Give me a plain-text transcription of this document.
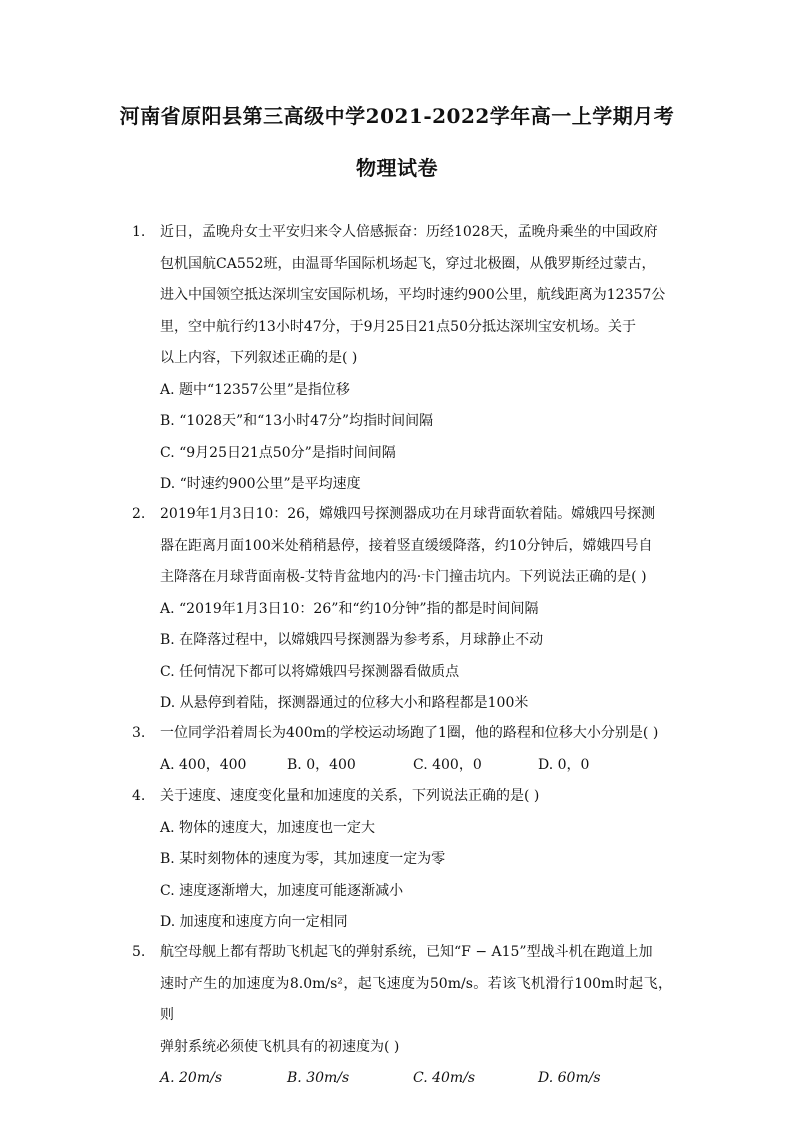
河南省原阳县第三高级中学2021-2022学年高一上学期月考
物理试卷
1.	近日，孟晚舟女士平安归来令人倍感振奋：历经1028天，孟晚舟乘坐的中国政府
包机国航CA552班，由温哥华国际机场起飞，穿过北极圈，从俄罗斯经过蒙古，
进入中国领空抵达深圳宝安国际机场，平均时速约900公里，航线距离为12357公
里，空中航行约13小时47分，于9月25日21点50分抵达深圳宝安机场。关于
以上内容，下列叙述正确的是( )
A. 题中“12357公里”是指位移
B. “1028天”和“13小时47分”均指时间间隔
C. “9月25日21点50分”是指时间间隔
D. “时速约900公里”是平均速度
2.	2019年1月3日10：26，嫦娥四号探测器成功在月球背面软着陆。嫦娥四号探测
器在距离月面100米处稍稍悬停，接着竖直缓缓降落，约10分钟后，嫦娥四号自
主降落在月球背面南极-艾特肯盆地内的冯·卡门撞击坑内。下列说法正确的是( )
A. “2019年1月3日10：26”和“约10分钟”指的都是时间间隔
B. 在降落过程中，以嫦娥四号探测器为参考系，月球静止不动
C. 任何情况下都可以将嫦娥四号探测器看做质点
D. 从悬停到着陆，探测器通过的位移大小和路程都是100米
3.	一位同学沿着周长为400m的学校运动场跑了1圈，他的路程和位移大小分别是( )
A. 400，400	B. 0，400	C. 400，0	D. 0，0
4.	关于速度、速度变化量和加速度的关系，下列说法正确的是( )
A. 物体的速度大，加速度也一定大
B. 某时刻物体的速度为零，其加速度一定为零
C. 速度逐渐增大，加速度可能逐渐减小
D. 加速度和速度方向一定相同
5.	航空母舰上都有帮助飞机起飞的弹射系统，已知“F − A15”型战斗机在跑道上加
速时产生的加速度为8.0m/s²，起飞速度为50m/s。若该飞机滑行100m时起飞，则
弹射系统必须使飞机具有的初速度为( )
A. 20m/s	B. 30m/s	C. 40m/s	D. 60m/s
